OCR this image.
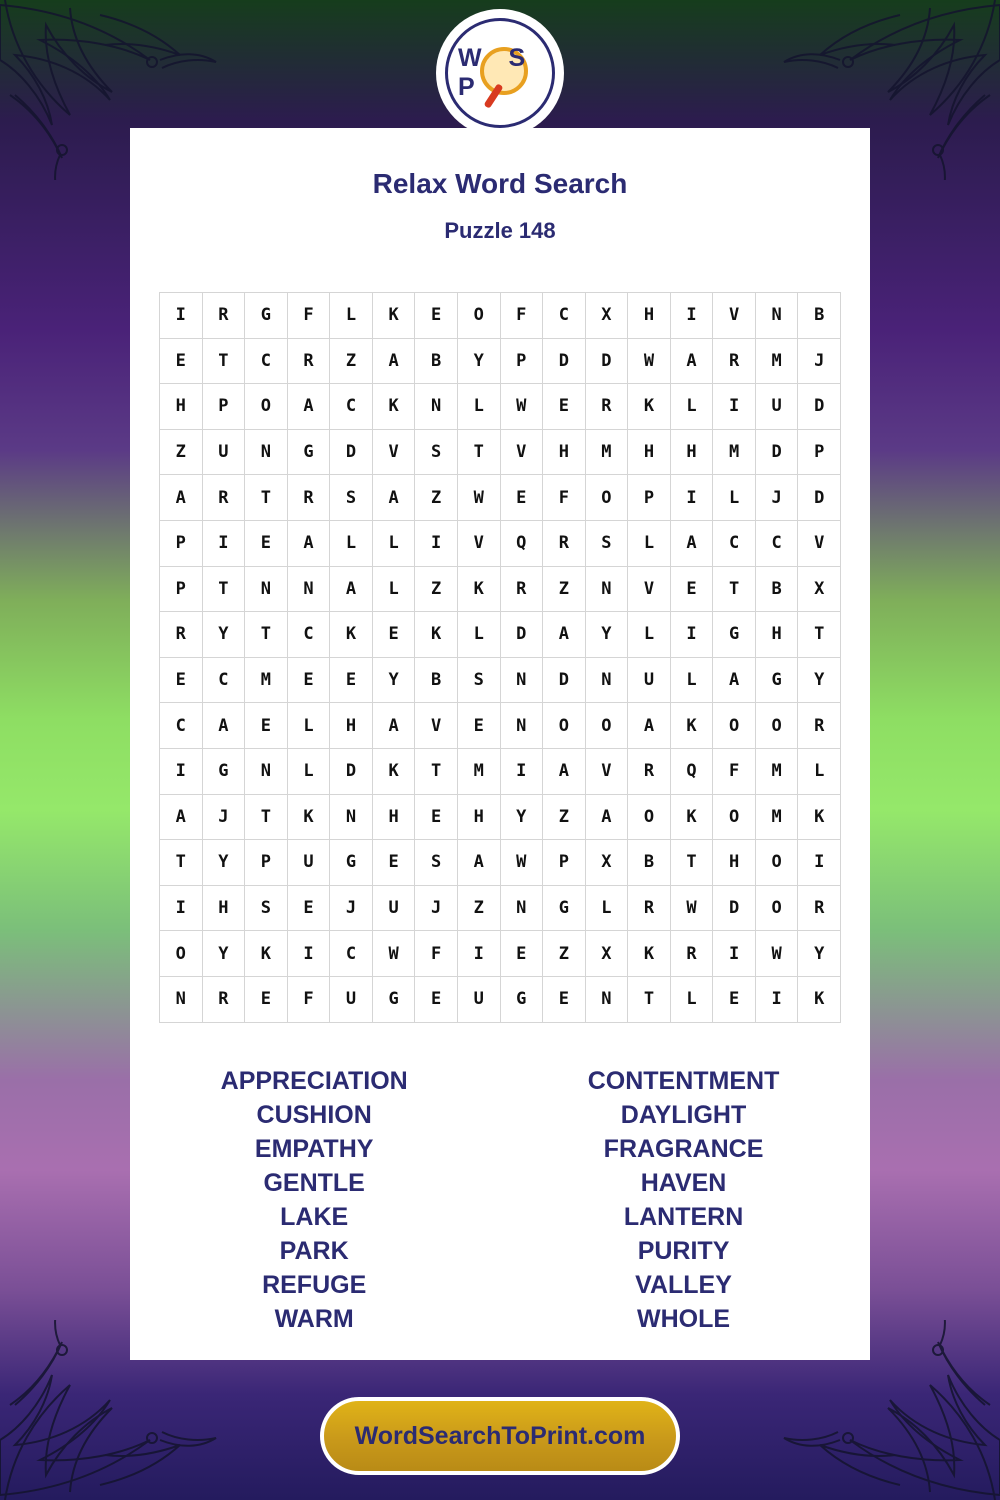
W S P
Relax Word Search
Puzzle 148
I	R	G	F	L	K	E	O	F	C	X	H	I	V	N	B
E	T	C	R	Z	A	B	Y	P	D	D	W	A	R	M	J
H	P	O	A	C	K	N	L	W	E	R	K	L	I	U	D
Z	U	N	G	D	V	S	T	V	H	M	H	H	M	D	P
A	R	T	R	S	A	Z	W	E	F	O	P	I	L	J	D
P	I	E	A	L	L	I	V	Q	R	S	L	A	C	C	V
P	T	N	N	A	L	Z	K	R	Z	N	V	E	T	B	X
R	Y	T	C	K	E	K	L	D	A	Y	L	I	G	H	T
E	C	M	E	E	Y	B	S	N	D	N	U	L	A	G	Y
C	A	E	L	H	A	V	E	N	O	O	A	K	O	O	R
I	G	N	L	D	K	T	M	I	A	V	R	Q	F	M	L
A	J	T	K	N	H	E	H	Y	Z	A	O	K	O	M	K
T	Y	P	U	G	E	S	A	W	P	X	B	T	H	O	I
I	H	S	E	J	U	J	Z	N	G	L	R	W	D	O	R
O	Y	K	I	C	W	F	I	E	Z	X	K	R	I	W	Y
N	R	E	F	U	G	E	U	G	E	N	T	L	E	I	K
APPRECIATION
CUSHION
EMPATHY
GENTLE
LAKE
PARK
REFUGE
WARM
CONTENTMENT
DAYLIGHT
FRAGRANCE
HAVEN
LANTERN
PURITY
VALLEY
WHOLE
WordSearchToPrint.com
